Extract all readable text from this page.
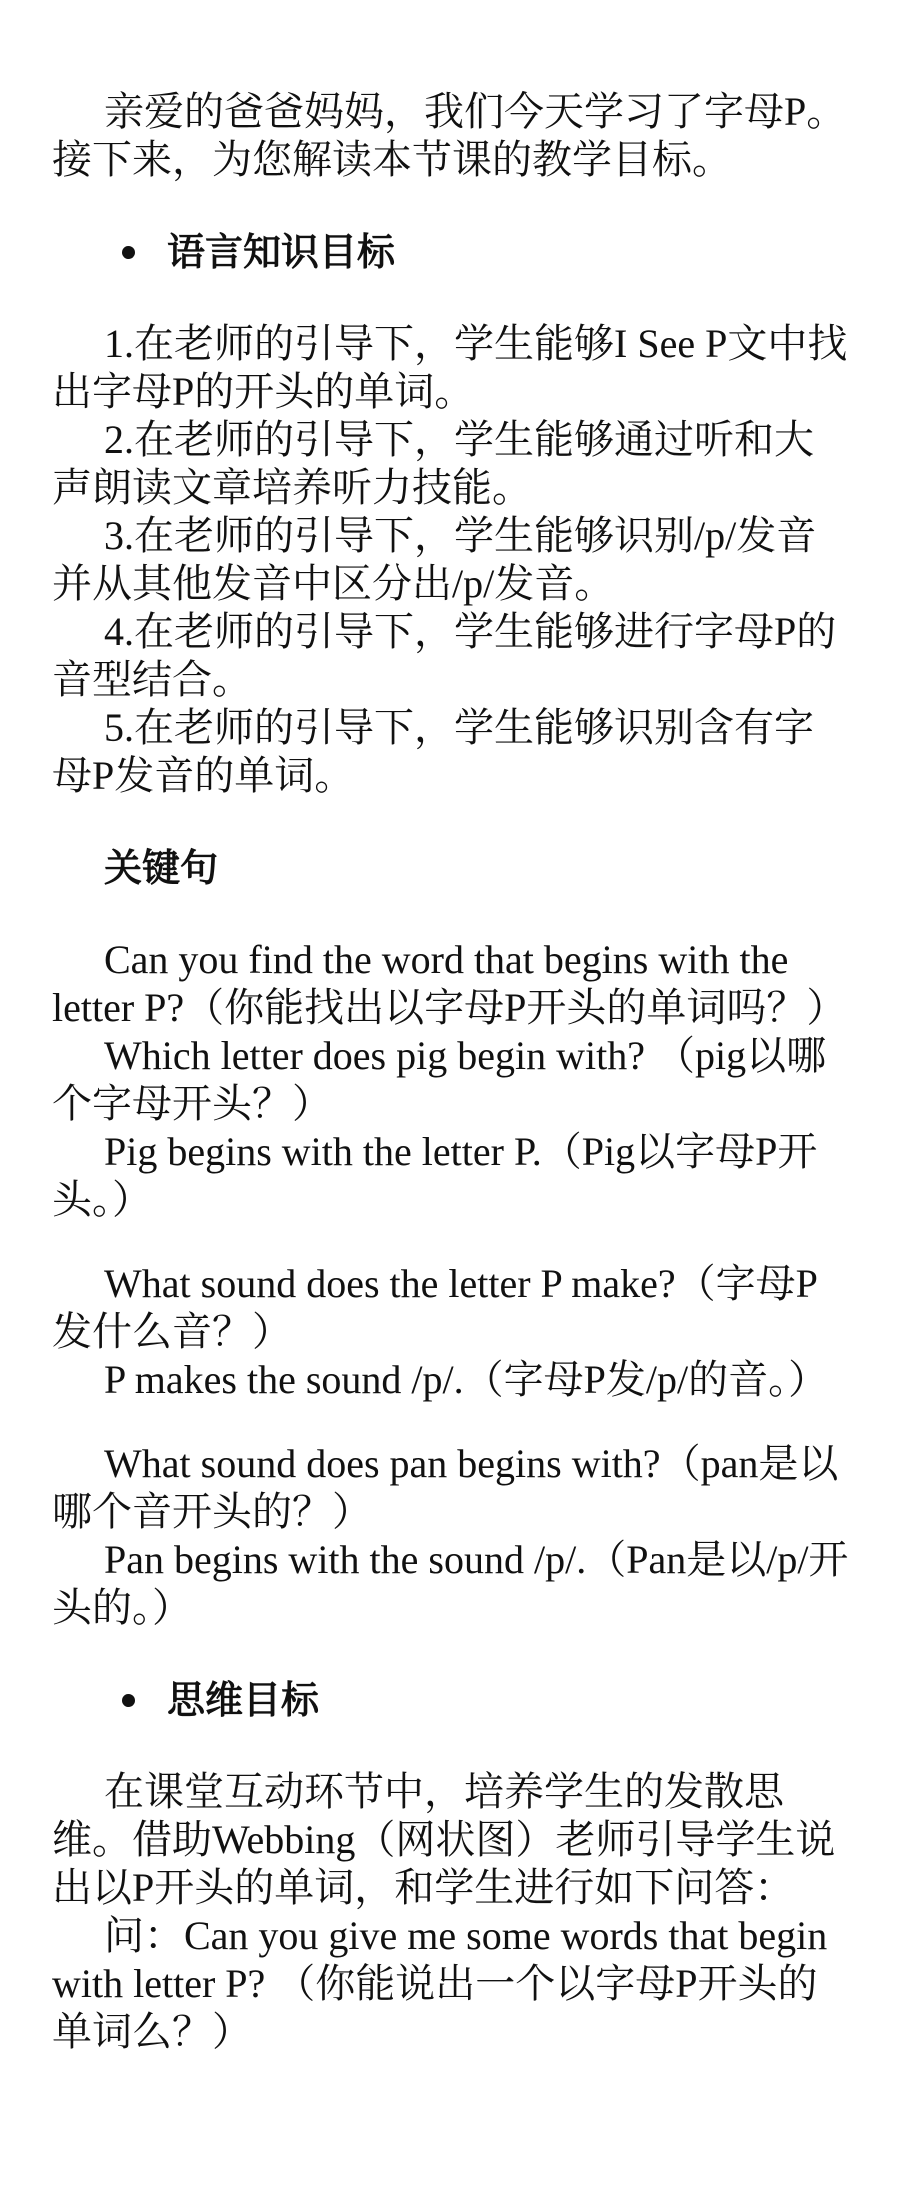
亲爱的爸爸妈妈，我们今天学习了字母P。接下来，为您解读本节课的教学目标。

语言知识目标

1.在老师的引导下，学生能够I See P文中找出字母P的开头的单词。

2.在老师的引导下，学生能够通过听和大声朗读文章培养听力技能。

3.在老师的引导下，学生能够识别/p/发音并从其他发音中区分出/p/发音。

4.在老师的引导下，学生能够进行字母P的音型结合。

5.在老师的引导下，学生能够识别含有字母P发音的单词。

关键句

Can you find the word that begins with the letter P?（你能找出以字母P开头的单词吗？）

Which letter does pig begin with? （pig以哪个字母开头？）

Pig begins with the letter P.（Pig以字母P开头。）

What sound does the letter P make?（字母P发什么音？）

P makes the sound /p/.（字母P发/p/的音。）

What sound does pan begins with?（pan是以哪个音开头的？）

Pan begins with the sound /p/.（Pan是以/p/开头的。）

思维目标

在课堂互动环节中，培养学生的发散思维。借助Webbing（网状图）老师引导学生说出以P开头的单词，和学生进行如下问答：

问：Can you give me some words that begin with letter P? （你能说出一个以字母P开头的单词么？）
